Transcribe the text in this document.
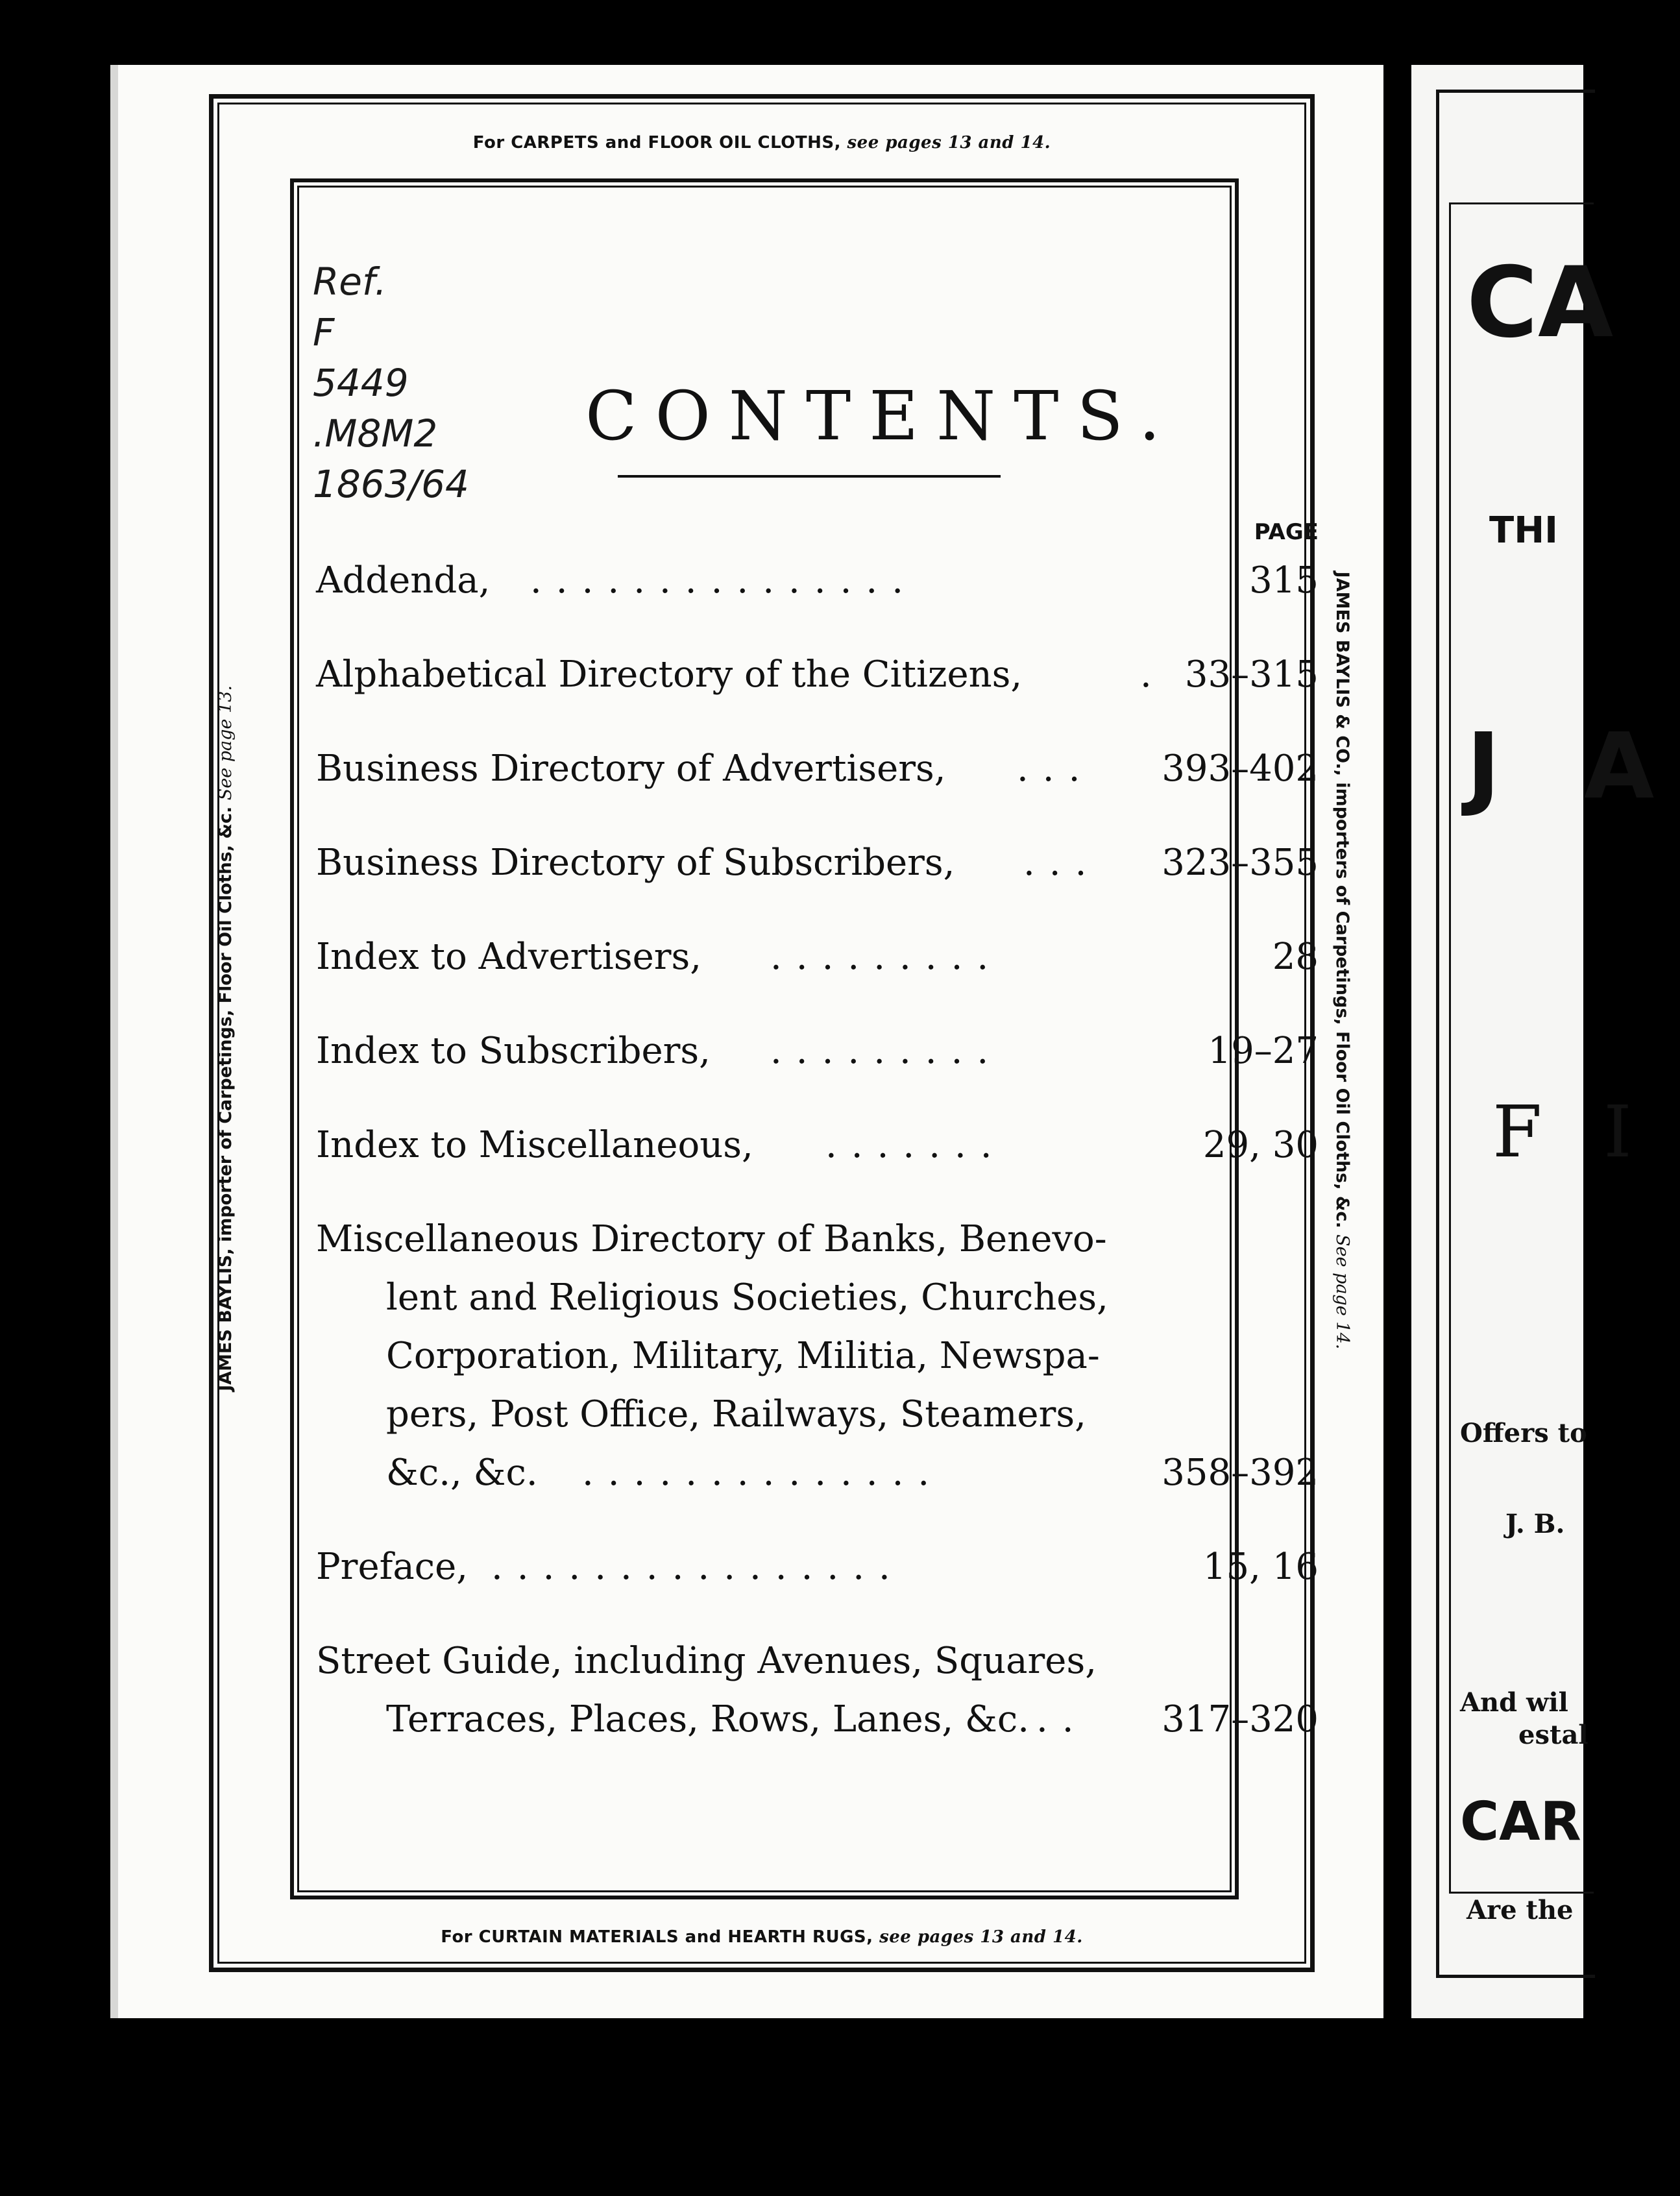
For CARPETS and FLOOR OIL CLOTHS, see pages 13 and 14.
For CURTAIN MATERIALS and HEARTH RUGS, see pages 13 and 14.
JAMES BAYLIS, importer of Carpetings, Floor Oil Cloths, &c. See page 13.	JAMES BAYLIS & CO., importers of Carpetings, Floor Oil Cloths, &c. See page 14.
Ref.
F
5449
.M8M2
1863/64
CONTENTS.
PAGE
Addenda, ...............	315
Alphabetical Directory of the Citizens,	. 33–315
Business Directory of Advertisers, ... 393–402
Business Directory of Subscribers, ... 323–355
Index to Advertisers, .........	28
Index to Subscribers, .........	19–27
Index to Miscellaneous, .......	29, 30
Miscellaneous Directory of Banks, Benevo-
lent and Religious Societies, Churches,
Corporation, Military, Militia, Newspa-
pers, Post Office, Railways, Steamers,
&c., &c. ..............	358–392
Preface, ................	15, 16
Street Guide, including Avenues, Squares,
Terraces, Places, Rows, Lanes, &c. .. 317–320
CA
THI
J A
F I
Offers to
J. B.
And wil
estal
CAR
Are the
